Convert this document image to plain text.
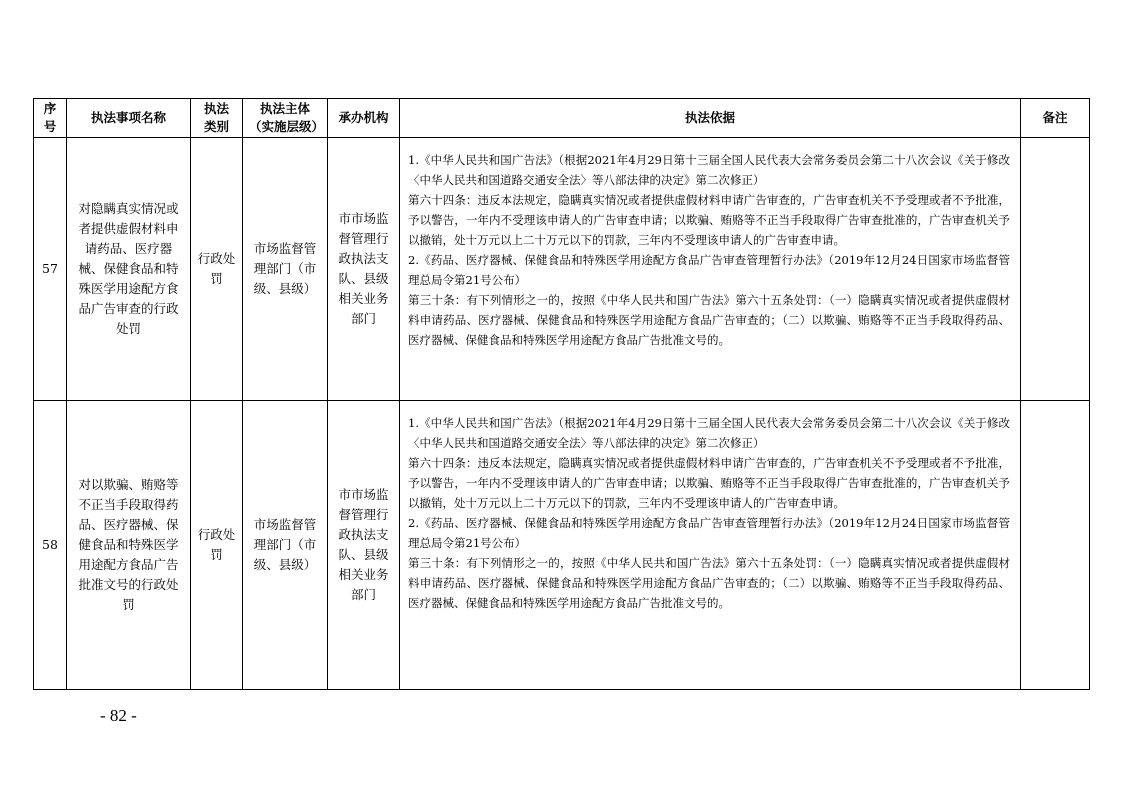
序号	执法事项名称	执法类别	执法主体（实施层级）	承办机构	执法依据	备注
57	对隐瞒真实情况或者提供虚假材料申请药品、医疗器械、保健食品和特殊医学用途配方食品广告审查的行政处罚	行政处罚	市场监督管理部门（市级、县级）	市市场监督管理行政执法支队、县级相关业务部门	1.《中华人民共和国广告法》（根据2021年4月29日第十三届全国人民代表大会常务委员会第二十八次会议《关于修改〈中华人民共和国道路交通安全法〉等八部法律的决定》第二次修正）

第六十四条：违反本法规定，隐瞒真实情况或者提供虚假材料申请广告审查的，广告审查机关不予受理或者不予批准，予以警告，一年内不受理该申请人的广告审查申请；以欺骗、贿赂等不正当手段取得广告审查批准的，广告审查机关予以撤销，处十万元以上二十万元以下的罚款，三年内不受理该申请人的广告审查申请。

2.《药品、医疗器械、保健食品和特殊医学用途配方食品广告审查管理暂行办法》（2019年12月24日国家市场监督管理总局令第21号公布）

第三十条：有下列情形之一的，按照《中华人民共和国广告法》第六十五条处罚：（一）隐瞒真实情况或者提供虚假材料申请药品、医疗器械、保健食品和特殊医学用途配方食品广告审查的；（二）以欺骗、贿赂等不正当手段取得药品、医疗器械、保健食品和特殊医学用途配方食品广告批准文号的。	

58	对以欺骗、贿赂等不正当手段取得药品、医疗器械、保健食品和特殊医学用途配方食品广告批准文号的行政处罚	行政处罚	市场监督管理部门（市级、县级）	市市场监督管理行政执法支队、县级相关业务部门	1.《中华人民共和国广告法》（根据2021年4月29日第十三届全国人民代表大会常务委员会第二十八次会议《关于修改〈中华人民共和国道路交通安全法〉等八部法律的决定》第二次修正）

第六十四条：违反本法规定，隐瞒真实情况或者提供虚假材料申请广告审查的，广告审查机关不予受理或者不予批准，予以警告，一年内不受理该申请人的广告审查申请；以欺骗、贿赂等不正当手段取得广告审查批准的，广告审查机关予以撤销，处十万元以上二十万元以下的罚款，三年内不受理该申请人的广告审查申请。

2.《药品、医疗器械、保健食品和特殊医学用途配方食品广告审查管理暂行办法》（2019年12月24日国家市场监督管理总局令第21号公布）

第三十条：有下列情形之一的，按照《中华人民共和国广告法》第六十五条处罚：（一）隐瞒真实情况或者提供虚假材料申请药品、医疗器械、保健食品和特殊医学用途配方食品广告审查的；（二）以欺骗、贿赂等不正当手段取得药品、医疗器械、保健食品和特殊医学用途配方食品广告批准文号的。	

- 82 -
